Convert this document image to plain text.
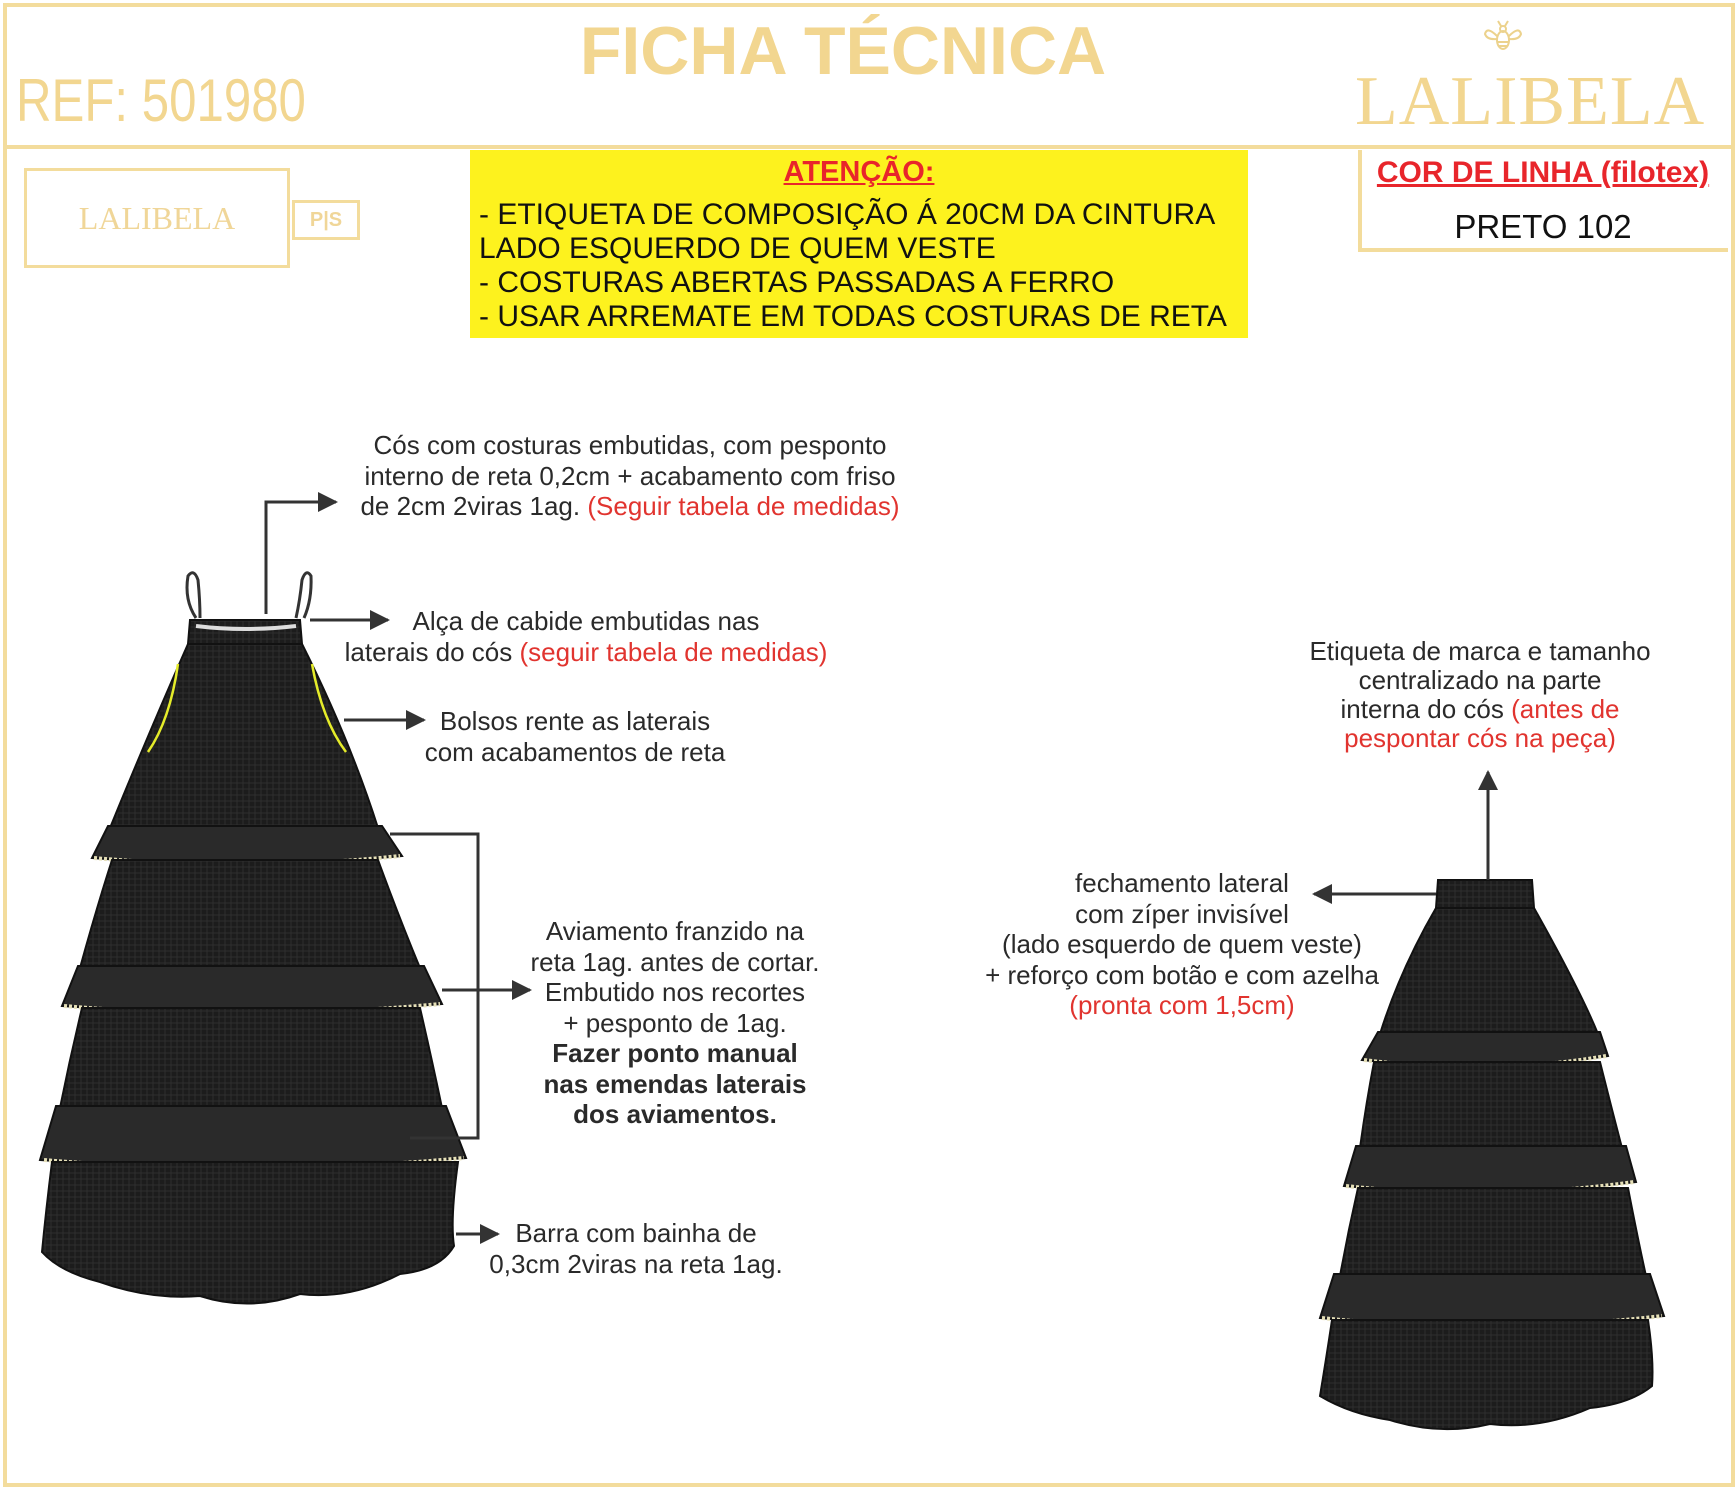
REF: 501980
FICHA TÉCNICA
LALIBELA
LALIBELA	P|S
ATENÇÃO:
- ETIQUETA DE COMPOSIÇÃO Á 20CM DA CINTURA
LADO ESQUERDO DE QUEM VESTE
- COSTURAS ABERTAS PASSADAS A FERRO
- USAR ARREMATE EM TODAS COSTURAS DE RETA
COR DE LINHA (filotex)
PRETO 102
Cós com costuras embutidas, com pesponto
interno de reta 0,2cm + acabamento com friso
de 2cm 2viras 1ag. (Seguir tabela de medidas)
Alça de cabide embutidas nas
laterais do cós (seguir tabela de medidas)
Bolsos rente as laterais
com acabamentos de reta
Aviamento franzido na
reta 1ag. antes de cortar.
Embutido nos recortes
+ pesponto de 1ag.
Fazer ponto manual
nas emendas laterais
dos aviamentos.
Barra com bainha de
0,3cm 2viras na reta 1ag.
Etiqueta de marca e tamanho
centralizado na parte
interna do cós (antes de
pespontar cós na peça)
fechamento lateral
com zíper invisível
(lado esquerdo de quem veste)
+ reforço com botão e com azelha
(pronta com 1,5cm)
